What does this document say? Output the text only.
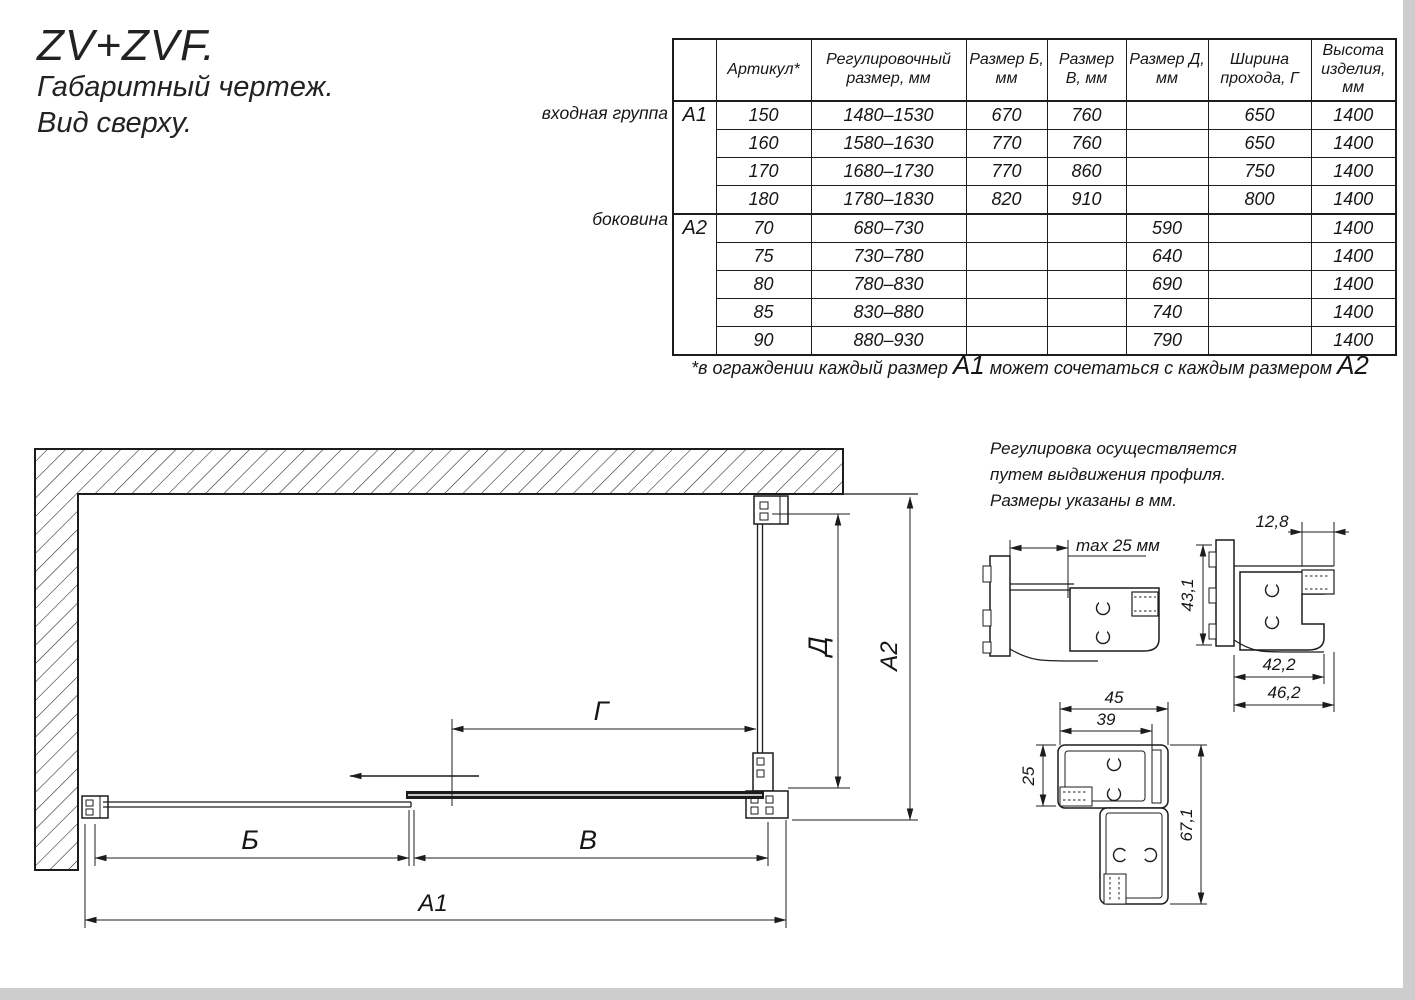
ZV+ZVF.
Габаритный чертеж.
Вид сверху.	входная группа
боковина
	Артикул*	Регулировочный размер, мм	Размер Б, мм	Размер В, мм	Размер Д, мм	Ширина прохода, Г	Высота изделия, мм
А1	150	1480–1530	670	760		650	1400
	160	1580–1630	770	760		650	1400
	170	1680–1730	770	860		750	1400
	180	1780–1830	820	910		800	1400
А2	70	680–730			590		1400
	75	730–780			640		1400
	80	780–830			690		1400
	85	830–880			740		1400
	90	880–930			790		1400
*в ограждении каждый размер А1 может сочетаться с каждым размером А2
Регулировка осуществляется
путем выдвижения профиля.
Размеры указаны в мм.
Б	В
А1
Г
Д А2
max 25 мм
12,8
43,1
42,2
46,2
45
39
25
67,1
